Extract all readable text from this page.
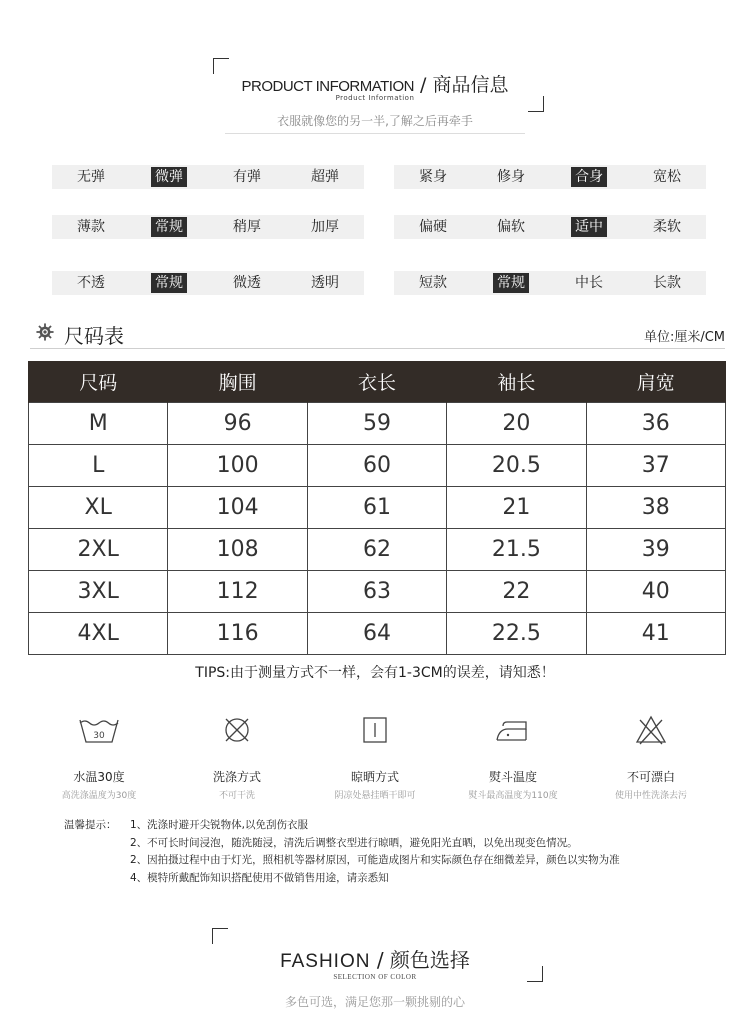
PRODUCT INFORMATION / 商品信息
Product Information
衣服就像您的另一半,了解之后再牵手
无弹	微弹	有弹	超弹	紧身	修身	合身	宽松
薄款	常规	稍厚	加厚	偏硬	偏软	适中	柔软
不透	常规	微透	透明	短款	常规	中长	长款
尺码表	单位:厘米/CM
尺码	胸围	衣长	袖长	肩宽
M	96	59	20	36
L	100	60	20.5	37
XL	104	61	21	38
2XL	108	62	21.5	39
3XL	112	63	22	40
4XL	116	64	22.5	41
TIPS:由于测量方式不一样，会有1-3CM的误差，请知悉！
30
水温30度
高洗涤温度为30度
洗涤方式
不可干洗
晾晒方式
阴凉处悬挂晒干即可
熨斗温度
熨斗最高温度为110度
不可漂白
使用中性洗涤去污
温馨提示： 1、洗涤时避开尖锐物体,以免刮伤衣服
2、不可长时间浸泡，随洗随浸，清洗后调整衣型进行晾晒，避免阳光直晒，以免出现变色情况。
2、因拍摄过程中由于灯光，照相机等器材原因，可能造成图片和实际颜色存在细微差异，颜色以实物为准
4、模特所戴配饰知识搭配使用不做销售用途，请亲悉知
FASHION / 颜色选择
SELECTION OF COLOR
多色可选，满足您那一颗挑剔的心
